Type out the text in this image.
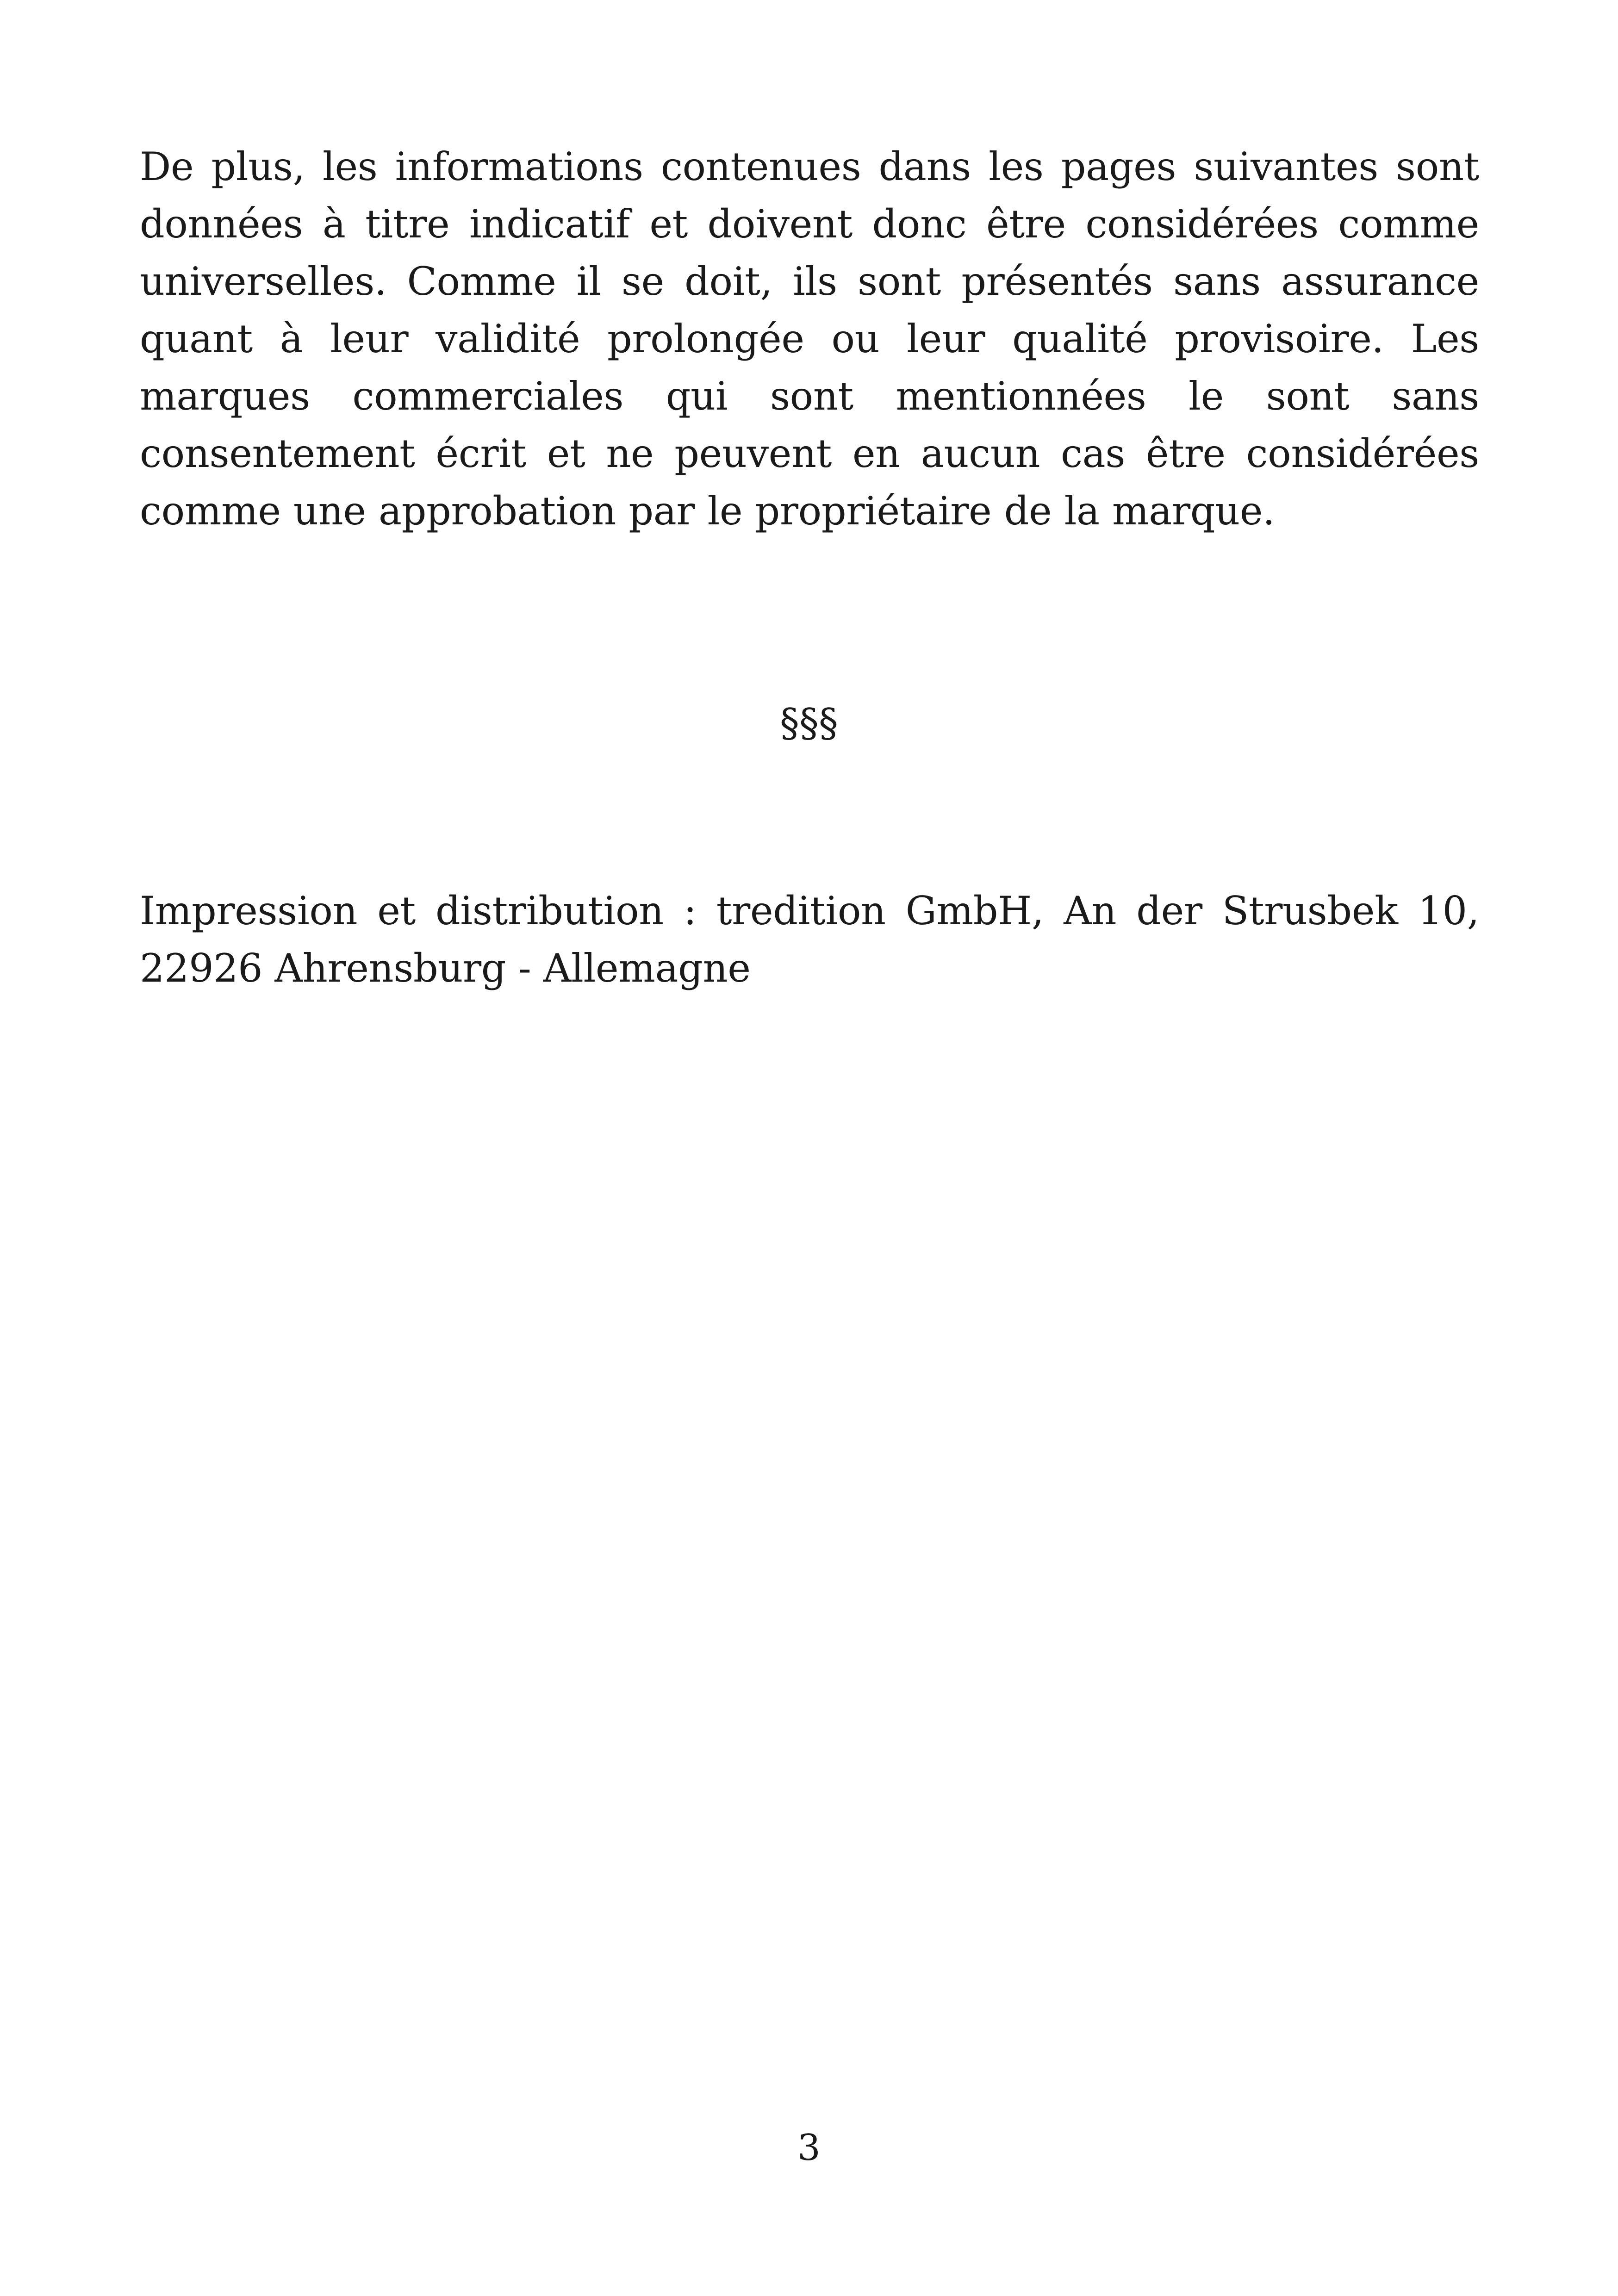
De plus, les informations contenues dans les pages suivantes sont données à titre indicatif et doivent donc être considérées comme universelles. Comme il se doit, ils sont présentés sans assurance quant à leur validité prolongée ou leur qualité provisoire. Les marques commerciales qui sont mentionnées le sont sans consentement écrit et ne peuvent en aucun cas être considérées comme une approbation par le propriétaire de la marque.

§§§

Impression et distribution : tredition GmbH, An der Strusbek 10, 22926 Ahrensburg - Allemagne

3
